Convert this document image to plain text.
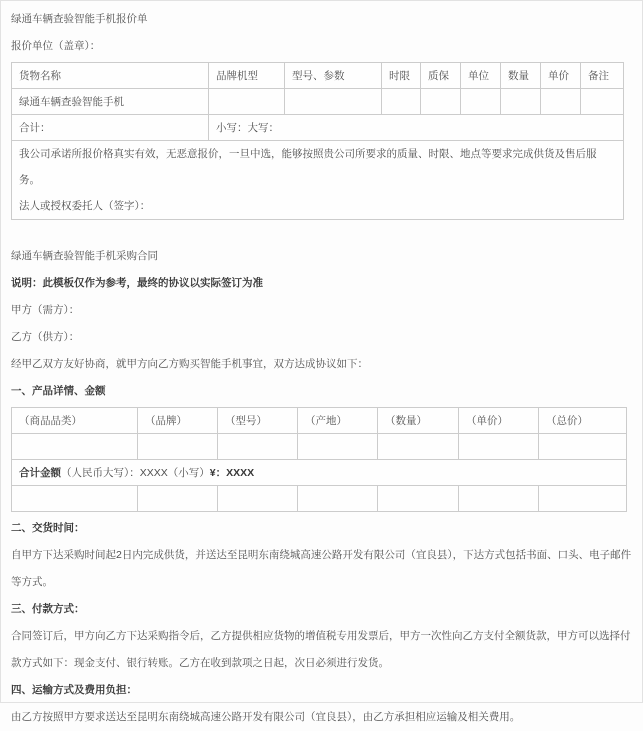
绿通车辆查验智能手机报价单

报价单位（盖章）：

货物名称	品牌机型	型号、参数	时限	质保	单位	数量	单价	备注
绿通车辆查验智能手机								
合计：	小写：大写：							

我公司承诺所报价格真实有效，无恶意报价，一旦中选，能够按照贵公司所要求的质量、时限、地点等要求完成供货及售后服务。

法人或授权委托人（签字）：								

绿通车辆查验智能手机采购合同

说明：此模板仅作为参考，最终的协议以实际签订为准

甲方（需方）：

乙方（供方）：

经甲乙双方友好协商，就甲方向乙方购买智能手机事宜，双方达成协议如下：

一、产品详情、金额

（商品品类）	（品牌）	（型号）	（产地）	（数量）	（单价）	（总价）

合计金额（人民币大写）：XXXX（小写）¥：XXXX						

二、交货时间：

自甲方下达采购时间起2日内完成供货，并送达至昆明东南绕城高速公路开发有限公司（宜良县），下达方式包括书面、口头、电子邮件等方式。

三、付款方式：

合同签订后，甲方向乙方下达采购指令后，乙方提供相应货物的增值税专用发票后，甲方一次性向乙方支付全额货款，甲方可以选择付款方式如下：现金支付、银行转账。乙方在收到款项之日起，次日必须进行发货。

四、运输方式及费用负担：

由乙方按照甲方要求送达至昆明东南绕城高速公路开发有限公司（宜良县），由乙方承担相应运输及相关费用。
